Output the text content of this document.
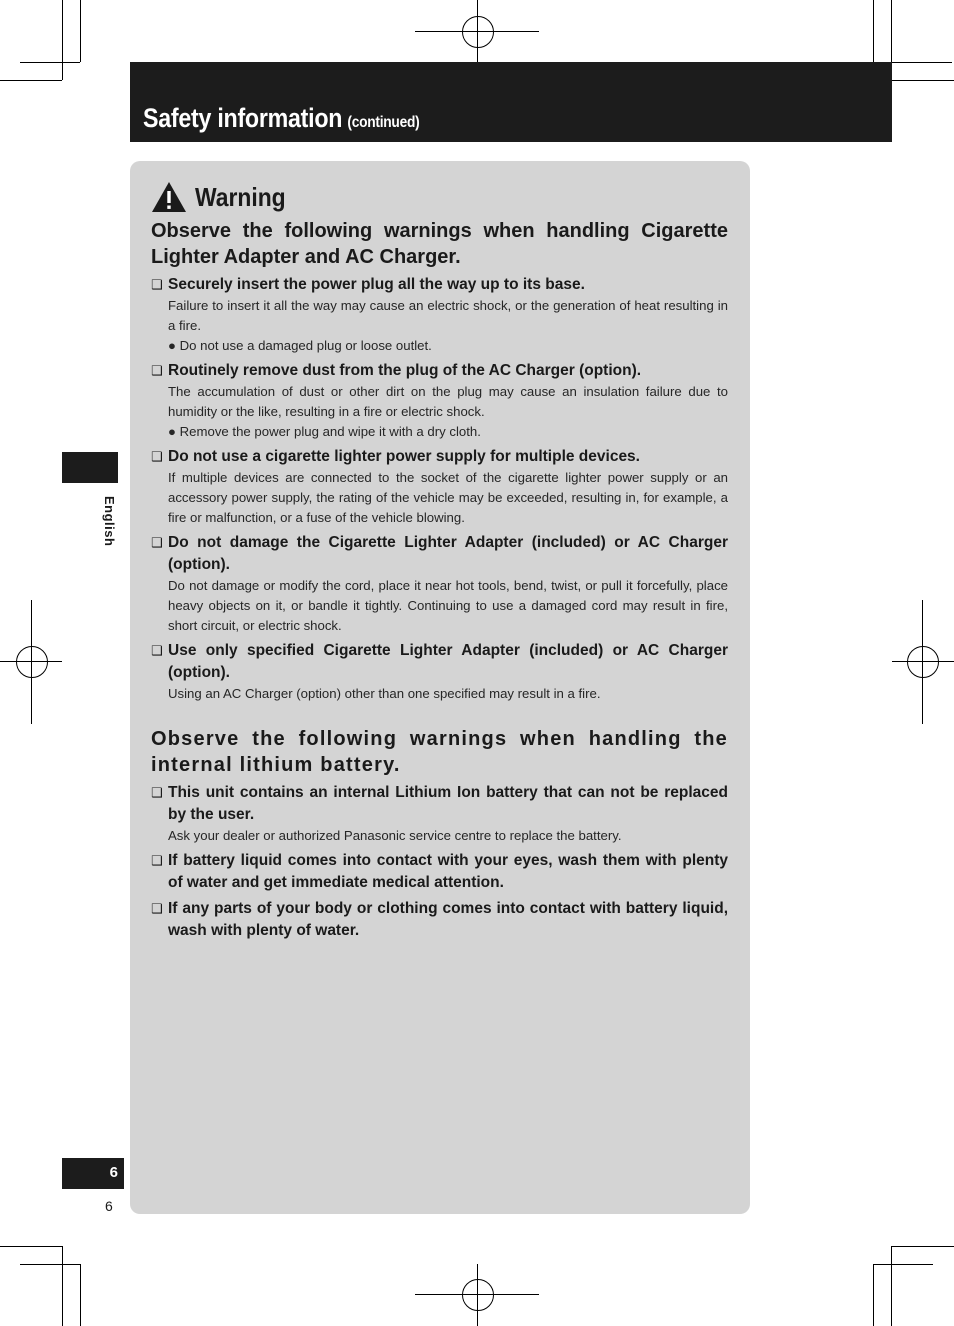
Safety information (continued)
English
6
6
Warning
Observe the following warnings when handling Cigarette Lighter Adapter and AC Charger.
❑ Securely insert the power plug all the way up to its base.
Failure to insert it all the way may cause an electric shock, or the generation of heat resulting in a fire.
● Do not use a damaged plug or loose outlet.
❑ Routinely remove dust from the plug of the AC Charger (option).
The accumulation of dust or other dirt on the plug may cause an insulation failure due to humidity or the like, resulting in a fire or electric shock.
● Remove the power plug and wipe it with a dry cloth.
❑ Do not use a cigarette lighter power supply for multiple devices.
If multiple devices are connected to the socket of the cigarette lighter power supply or an accessory power supply, the rating of the vehicle may be exceeded, resulting in, for example, a fire or malfunction, or a fuse of the vehicle blowing.
❑ Do not damage the Cigarette Lighter Adapter (included) or AC Charger (option).
Do not damage or modify the cord, place it near hot tools, bend, twist, or pull it forcefully, place heavy objects on it, or bandle it tightly. Continuing to use a damaged cord may result in fire, short circuit, or electric shock.
❑ Use only specified Cigarette Lighter Adapter (included) or AC Charger (option).
Using an AC Charger (option) other than one specified may result in a fire.
Observe the following warnings when handling the internal lithium battery.
❑ This unit contains an internal Lithium Ion battery that can not be replaced by the user.
Ask your dealer or authorized Panasonic service centre to replace the battery.
❑ If battery liquid comes into contact with your eyes, wash them with plenty of water and get immediate medical attention.
❑ If any parts of your body or clothing comes into contact with battery liquid, wash with plenty of water.
